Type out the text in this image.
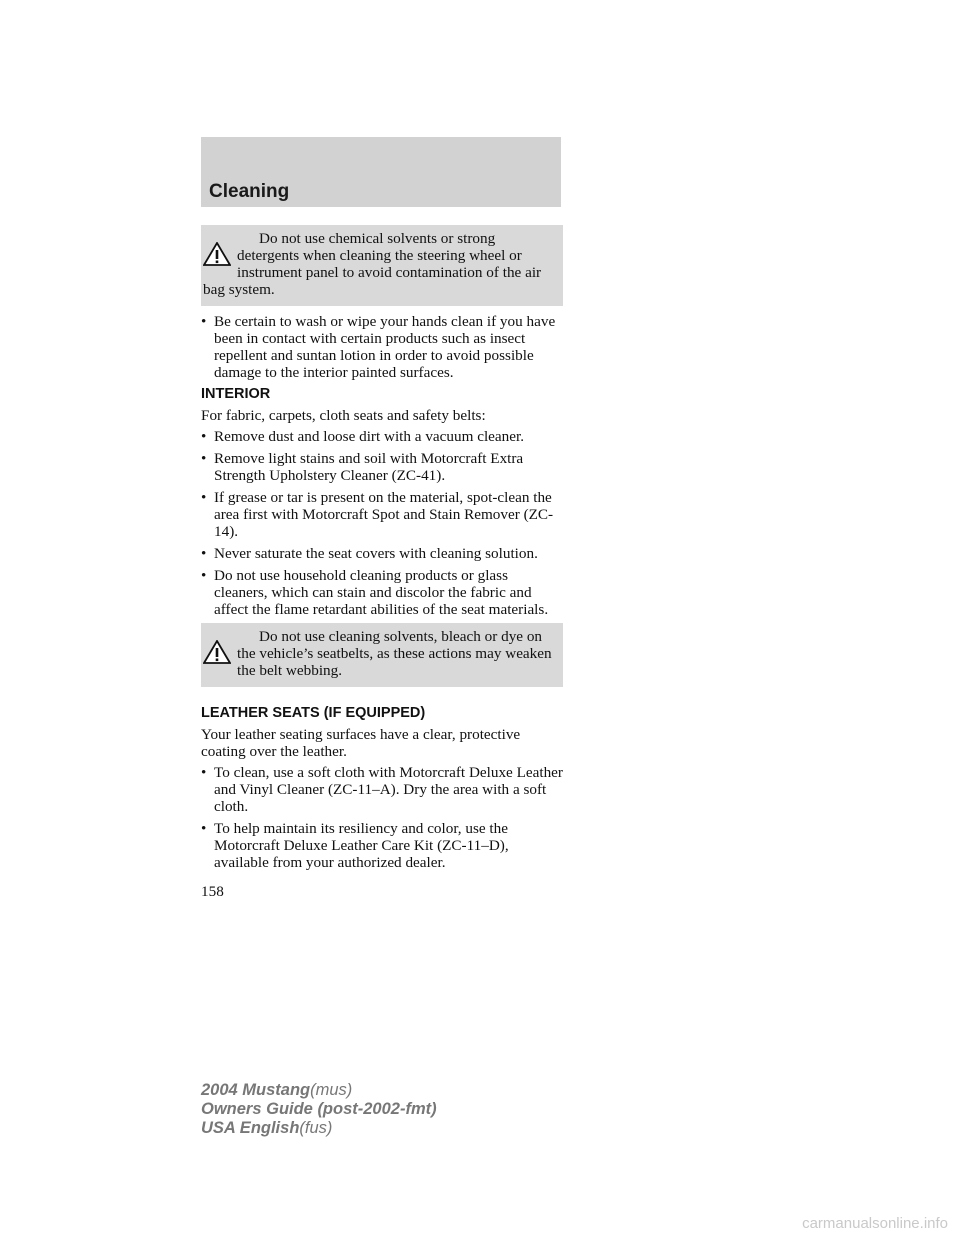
Cleaning
Do not use chemical solvents or strong detergents when cleaning the steering wheel or instrument panel to avoid contamination of the air bag system.
• Be certain to wash or wipe your hands clean if you have been in contact with certain products such as insect repellent and suntan lotion in order to avoid possible damage to the interior painted surfaces.
INTERIOR

For fabric, carpets, cloth seats and safety belts:

• Remove dust and loose dirt with a vacuum cleaner.
• Remove light stains and soil with Motorcraft Extra Strength Upholstery Cleaner (ZC-41).
• If grease or tar is present on the material, spot-clean the area first with Motorcraft Spot and Stain Remover (ZC-14).
• Never saturate the seat covers with cleaning solution.
• Do not use household cleaning products or glass cleaners, which can stain and discolor the fabric and affect the flame retardant abilities of the seat materials.
Do not use cleaning solvents, bleach or dye on the vehicle’s seatbelts, as these actions may weaken the belt webbing.
LEATHER SEATS (IF EQUIPPED)

Your leather seating surfaces have a clear, protective coating over the leather.

• To clean, use a soft cloth with Motorcraft Deluxe Leather and Vinyl Cleaner (ZC-11–A). Dry the area with a soft cloth.
• To help maintain its resiliency and color, use the Motorcraft Deluxe Leather Care Kit (ZC-11–D), available from your authorized dealer.
158
2004 Mustang(mus)
Owners Guide (post-2002-fmt)
USA English(fus)
carmanualsonline.info
